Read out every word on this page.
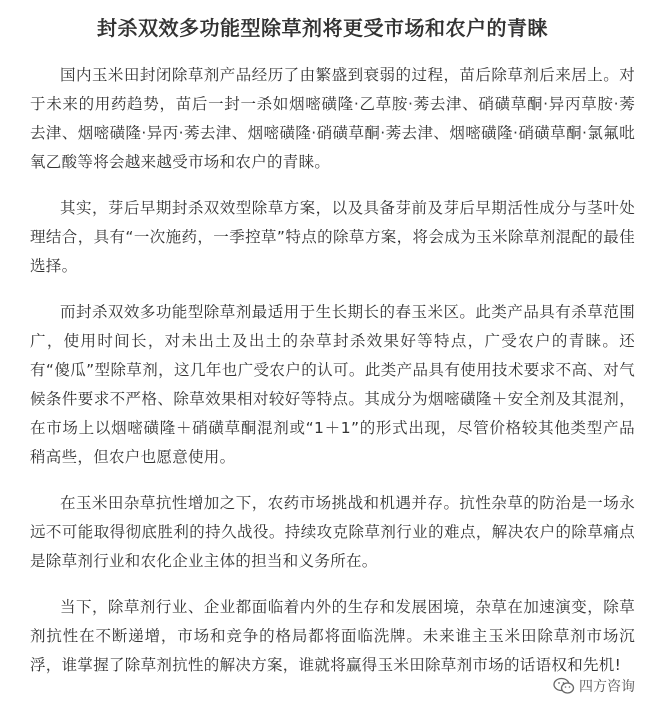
封杀双效多功能型除草剂将更受市场和农户的青睐

国内玉米田封闭除草剂产品经历了由繁盛到衰弱的过程，苗后除草剂后来居上。对于未来的用药趋势，苗后一封一杀如烟嘧磺隆·乙草胺·莠去津、硝磺草酮·异丙草胺·莠去津、烟嘧磺隆·异丙·莠去津、烟嘧磺隆·硝磺草酮·莠去津、烟嘧磺隆·硝磺草酮·氯氟吡氧乙酸等将会越来越受市场和农户的青睐。

其实，芽后早期封杀双效型除草方案，以及具备芽前及芽后早期活性成分与茎叶处理结合，具有“一次施药，一季控草”特点的除草方案，将会成为玉米除草剂混配的最佳选择。

而封杀双效多功能型除草剂最适用于生长期长的春玉米区。此类产品具有杀草范围广，使用时间长，对未出土及出土的杂草封杀效果好等特点，广受农户的青睐。还有“傻瓜”型除草剂，这几年也广受农户的认可。此类产品具有使用技术要求不高、对气候条件要求不严格、除草效果相对较好等特点。其成分为烟嘧磺隆＋安全剂及其混剂，在市场上以烟嘧磺隆＋硝磺草酮混剂或“1＋1”的形式出现，尽管价格较其他类型产品稍高些，但农户也愿意使用。

在玉米田杂草抗性增加之下，农药市场挑战和机遇并存。抗性杂草的防治是一场永远不可能取得彻底胜利的持久战役。持续攻克除草剂行业的难点，解决农户的除草痛点是除草剂行业和农化企业主体的担当和义务所在。

当下，除草剂行业、企业都面临着内外的生存和发展困境，杂草在加速演变，除草剂抗性在不断递增，市场和竞争的格局都将面临洗牌。未来谁主玉米田除草剂市场沉浮，谁掌握了除草剂抗性的解决方案，谁就将赢得玉米田除草剂市场的话语权和先机!

四方咨询
